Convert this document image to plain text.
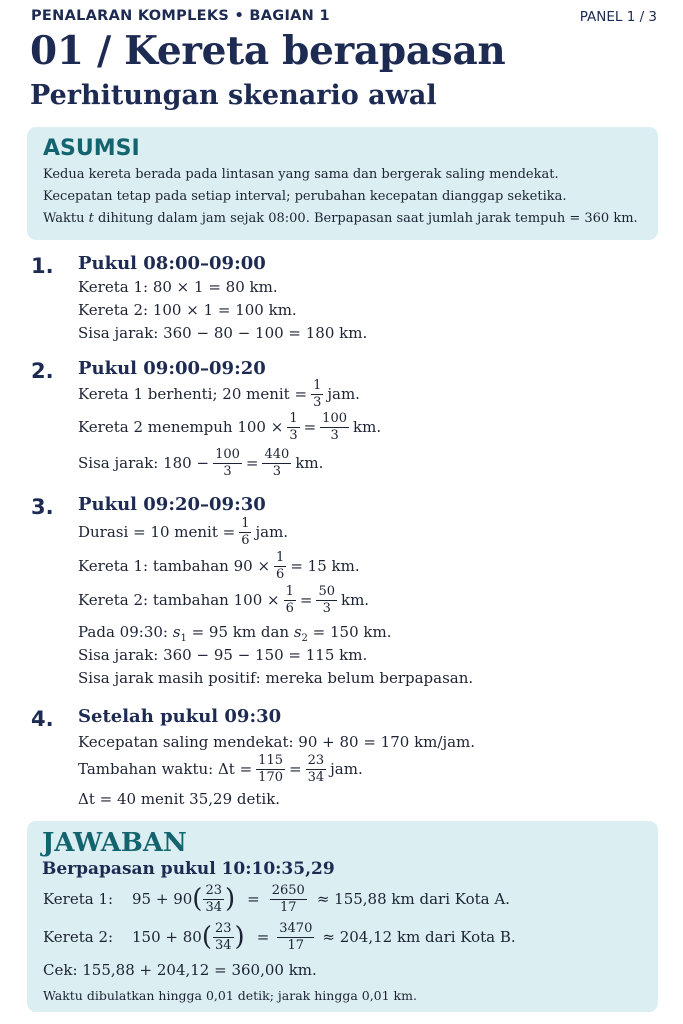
PENALARAN KOMPLEKS • BAGIAN 1	PANEL 1 / 3
01 / Kereta berapasan
Perhitungan skenario awal
ASUMSI
Kedua kereta berada pada lintasan yang sama dan bergerak saling mendekat.
Kecepatan tetap pada setiap interval; perubahan kecepatan dianggap seketika.
Waktu t dihitung dalam jam sejak 08:00. Berpapasan saat jumlah jarak tempuh = 360 km.
1. Pukul 08:00–09:00
Kereta 1: 80 × 1 = 80 km.
Kereta 2: 100 × 1 = 100 km.
Sisa jarak: 360 − 80 − 100 = 180 km.
2. Pukul 09:00–09:20
Kereta 1 berhenti; 20 menit = $\frac{1}{3}$ jam.
Kereta 2 menempuh $100 \times \frac{1}{3} = \frac{100}{3}$ km.
Sisa jarak: $180 - \frac{100}{3} = \frac{440}{3}$ km.
3. Pukul 09:20–09:30
Durasi = 10 menit = $\frac{1}{6}$ jam.
Kereta 1: tambahan $90 \times \frac{1}{6} = 15$ km.
Kereta 2: tambahan $100 \times \frac{1}{6} = \frac{50}{3}$ km.
Pada 09:30: $s_1 = 95$ km dan $s_2 = 150$ km.
Sisa jarak: 360 − 95 − 150 = 115 km.
Sisa jarak masih positif: mereka belum berpapasan.
4. Setelah pukul 09:30
Kecepatan saling mendekat: 90 + 80 = 170 km/jam.
Tambahan waktu: $\Delta t = \frac{115}{170} = \frac{23}{34}$ jam.
Δt = 40 menit 35,29 detik.
JAWABAN
Berpapasan pukul 10:10:35,29
Kereta 1:	95 + 90 ( $\frac{23}{34}$ ) = $\frac{2650}{17} \approx 155,88$ km dari Kota A.
Kereta 2:	150 + 80 ( $\frac{23}{34}$ ) = $\frac{3470}{17} \approx 204,12$ km dari Kota B.
Cek: 155,88 + 204,12 = 360,00 km.
Waktu dibulatkan hingga 0,01 detik; jarak hingga 0,01 km.
